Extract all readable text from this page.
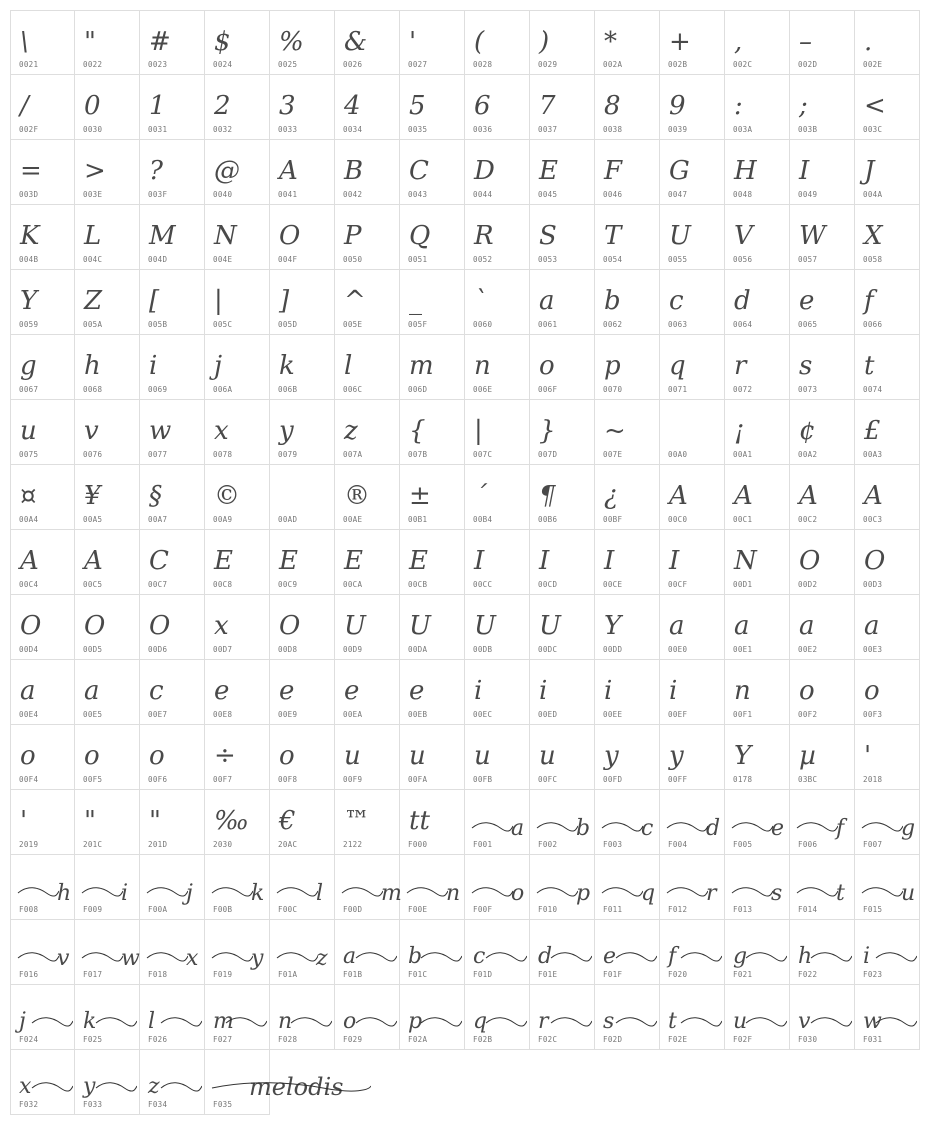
\
0021
"
0022
#
0023
$
0024
%
0025
&
0026
'
0027
(
0028
)
0029
*
002A
+
002B
,
002C
–
002D
.
002E
/
002F
0
0030
1
0031
2
0032
3
0033
4
0034
5
0035
6
0036
7
0037
8
0038
9
0039
:
003A
;
003B
<
003C
=
003D
>
003E
?
003F
@
0040
A
0041
B
0042
C
0043
D
0044
E
0045
F
0046
G
0047
H
0048
I
0049
J
004A
K
004B
L
004C
M
004D
N
004E
O
004F
P
0050
Q
0051
R
0052
S
0053
T
0054
U
0055
V
0056
W
0057
X
0058
Y
0059
Z
005A
[
005B
|
005C
]
005D
^
005E
_
005F
`
0060
a
0061
b
0062
c
0063
d
0064
e
0065
f
0066
g
0067
h
0068
i
0069
j
006A
k
006B
l
006C
m
006D
n
006E
o
006F
p
0070
q
0071
r
0072
s
0073
t
0074
u
0075
v
0076
w
0077
x
0078
y
0079
z
007A
{
007B
|
007C
}
007D
~
007E	00A0
¡
00A1
¢
00A2
£
00A3
¤
00A4
¥
00A5
§
00A7
©
00A9	00AD
®
00AE
±
00B1
´
00B4
¶
00B6
¿
00BF
A
00C0
A
00C1
A
00C2
A
00C3
A
00C4
A
00C5
C
00C7
E
00C8
E
00C9
E
00CA
E
00CB
I
00CC
I
00CD
I
00CE
I
00CF
N
00D1
O
00D2
O
00D3
O
00D4
O
00D5
O
00D6
x
00D7
O
00D8
U
00D9
U
00DA
U
00DB
U
00DC
Y
00DD
a
00E0
a
00E1
a
00E2
a
00E3
a
00E4
a
00E5
c
00E7
e
00E8
e
00E9
e
00EA
e
00EB
i
00EC
i
00ED
i
00EE
i
00EF
n
00F1
o
00F2
o
00F3
o
00F4
o
00F5
o
00F6
÷
00F7
o
00F8
u
00F9
u
00FA
u
00FB
u
00FC
y
00FD
y
00FF
Y
0178
µ
03BC
'
2018
'
2019
"
201C
"
201D
‰
2030
€
20AC
™
2122
tt
F000
a
F001
b
F002
c
F003
d
F004
e
F005
f
F006
g
F007
h
F008
i
F009
j
F00A
k
F00B
l
F00C
m
F00D
n
F00E
o
F00F
p
F010
q
F011
r
F012
s
F013
t
F014
u
F015
v
F016
w
F017
x
F018
y
F019
z
F01A
a
F01B
b
F01C
c
F01D
d
F01E
e
F01F
f
F020
g
F021
h
F022
i
F023
j
F024
k
F025
l
F026
m
F027
n
F028
o
F029
p
F02A
q
F02B
r
F02C
s
F02D
t
F02E
u
F02F
v
F030
w
F031
x
F032
y
F033
z
F034
melodis
F035
